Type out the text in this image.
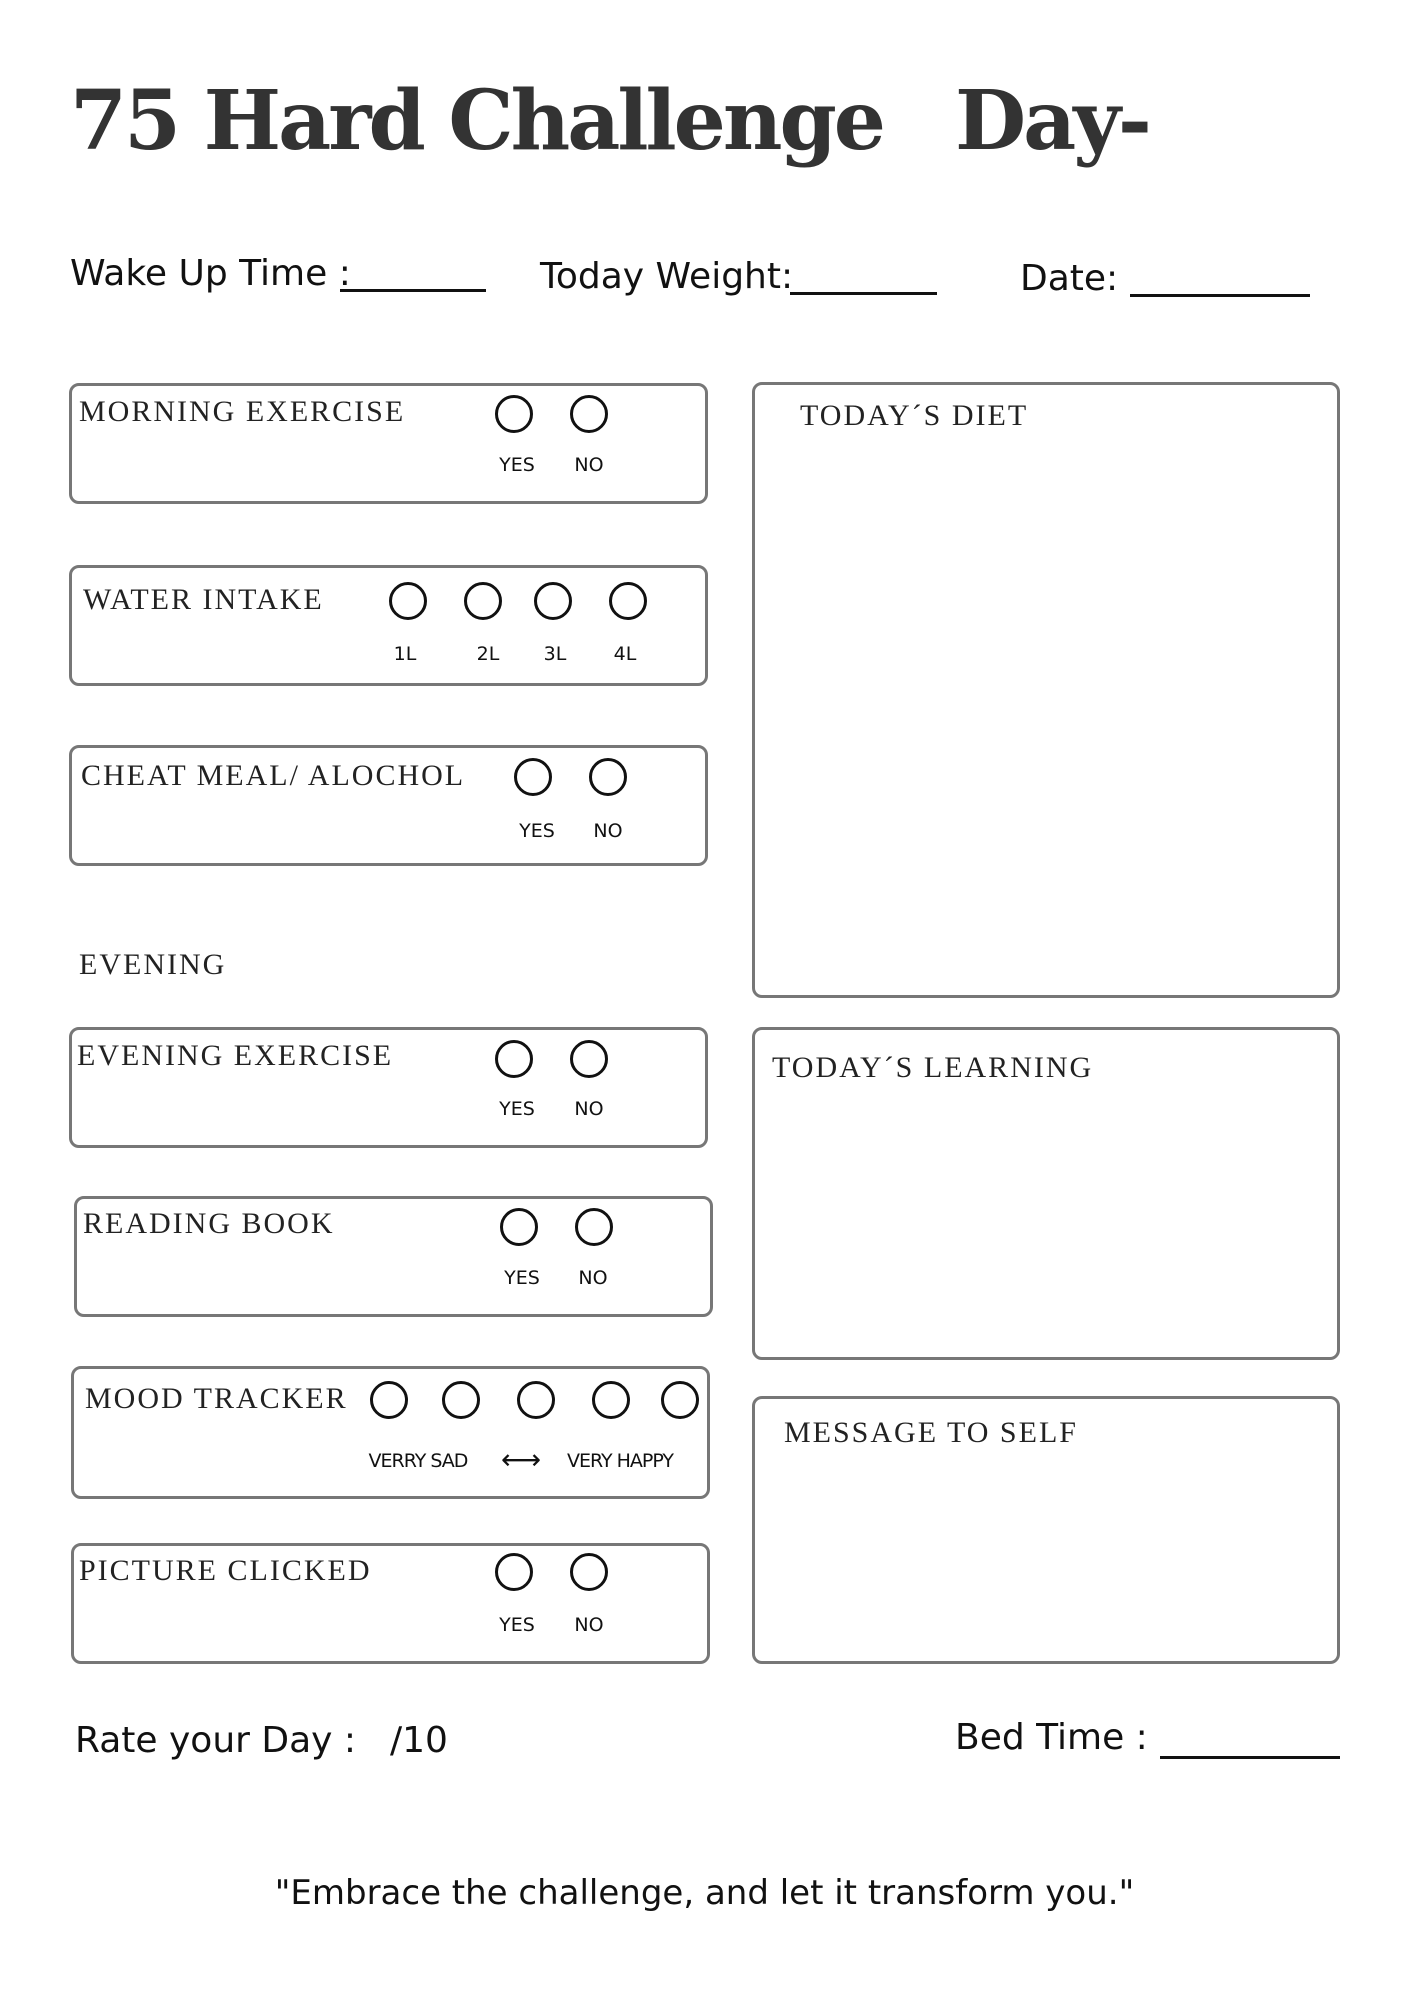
75 Hard Challenge Day-
Wake Up Time :	Today Weight:	Date:
MORNING EXERCISE
YES NO
WATER INTAKE
1L	2L 3L 4L
CHEAT MEAL/ ALOCHOL
YES NO
EVENING
EVENING EXERCISE
YES NO
READING BOOK
YES NO
MOOD TRACKER
VERRY SAD ⟷ VERY HAPPY
PICTURE CLICKED
YES NO
TODAY´S DIET
TODAY´S LEARNING
MESSAGE TO SELF
Rate your Day : /10	Bed Time :
"Embrace the challenge, and let it transform you."
